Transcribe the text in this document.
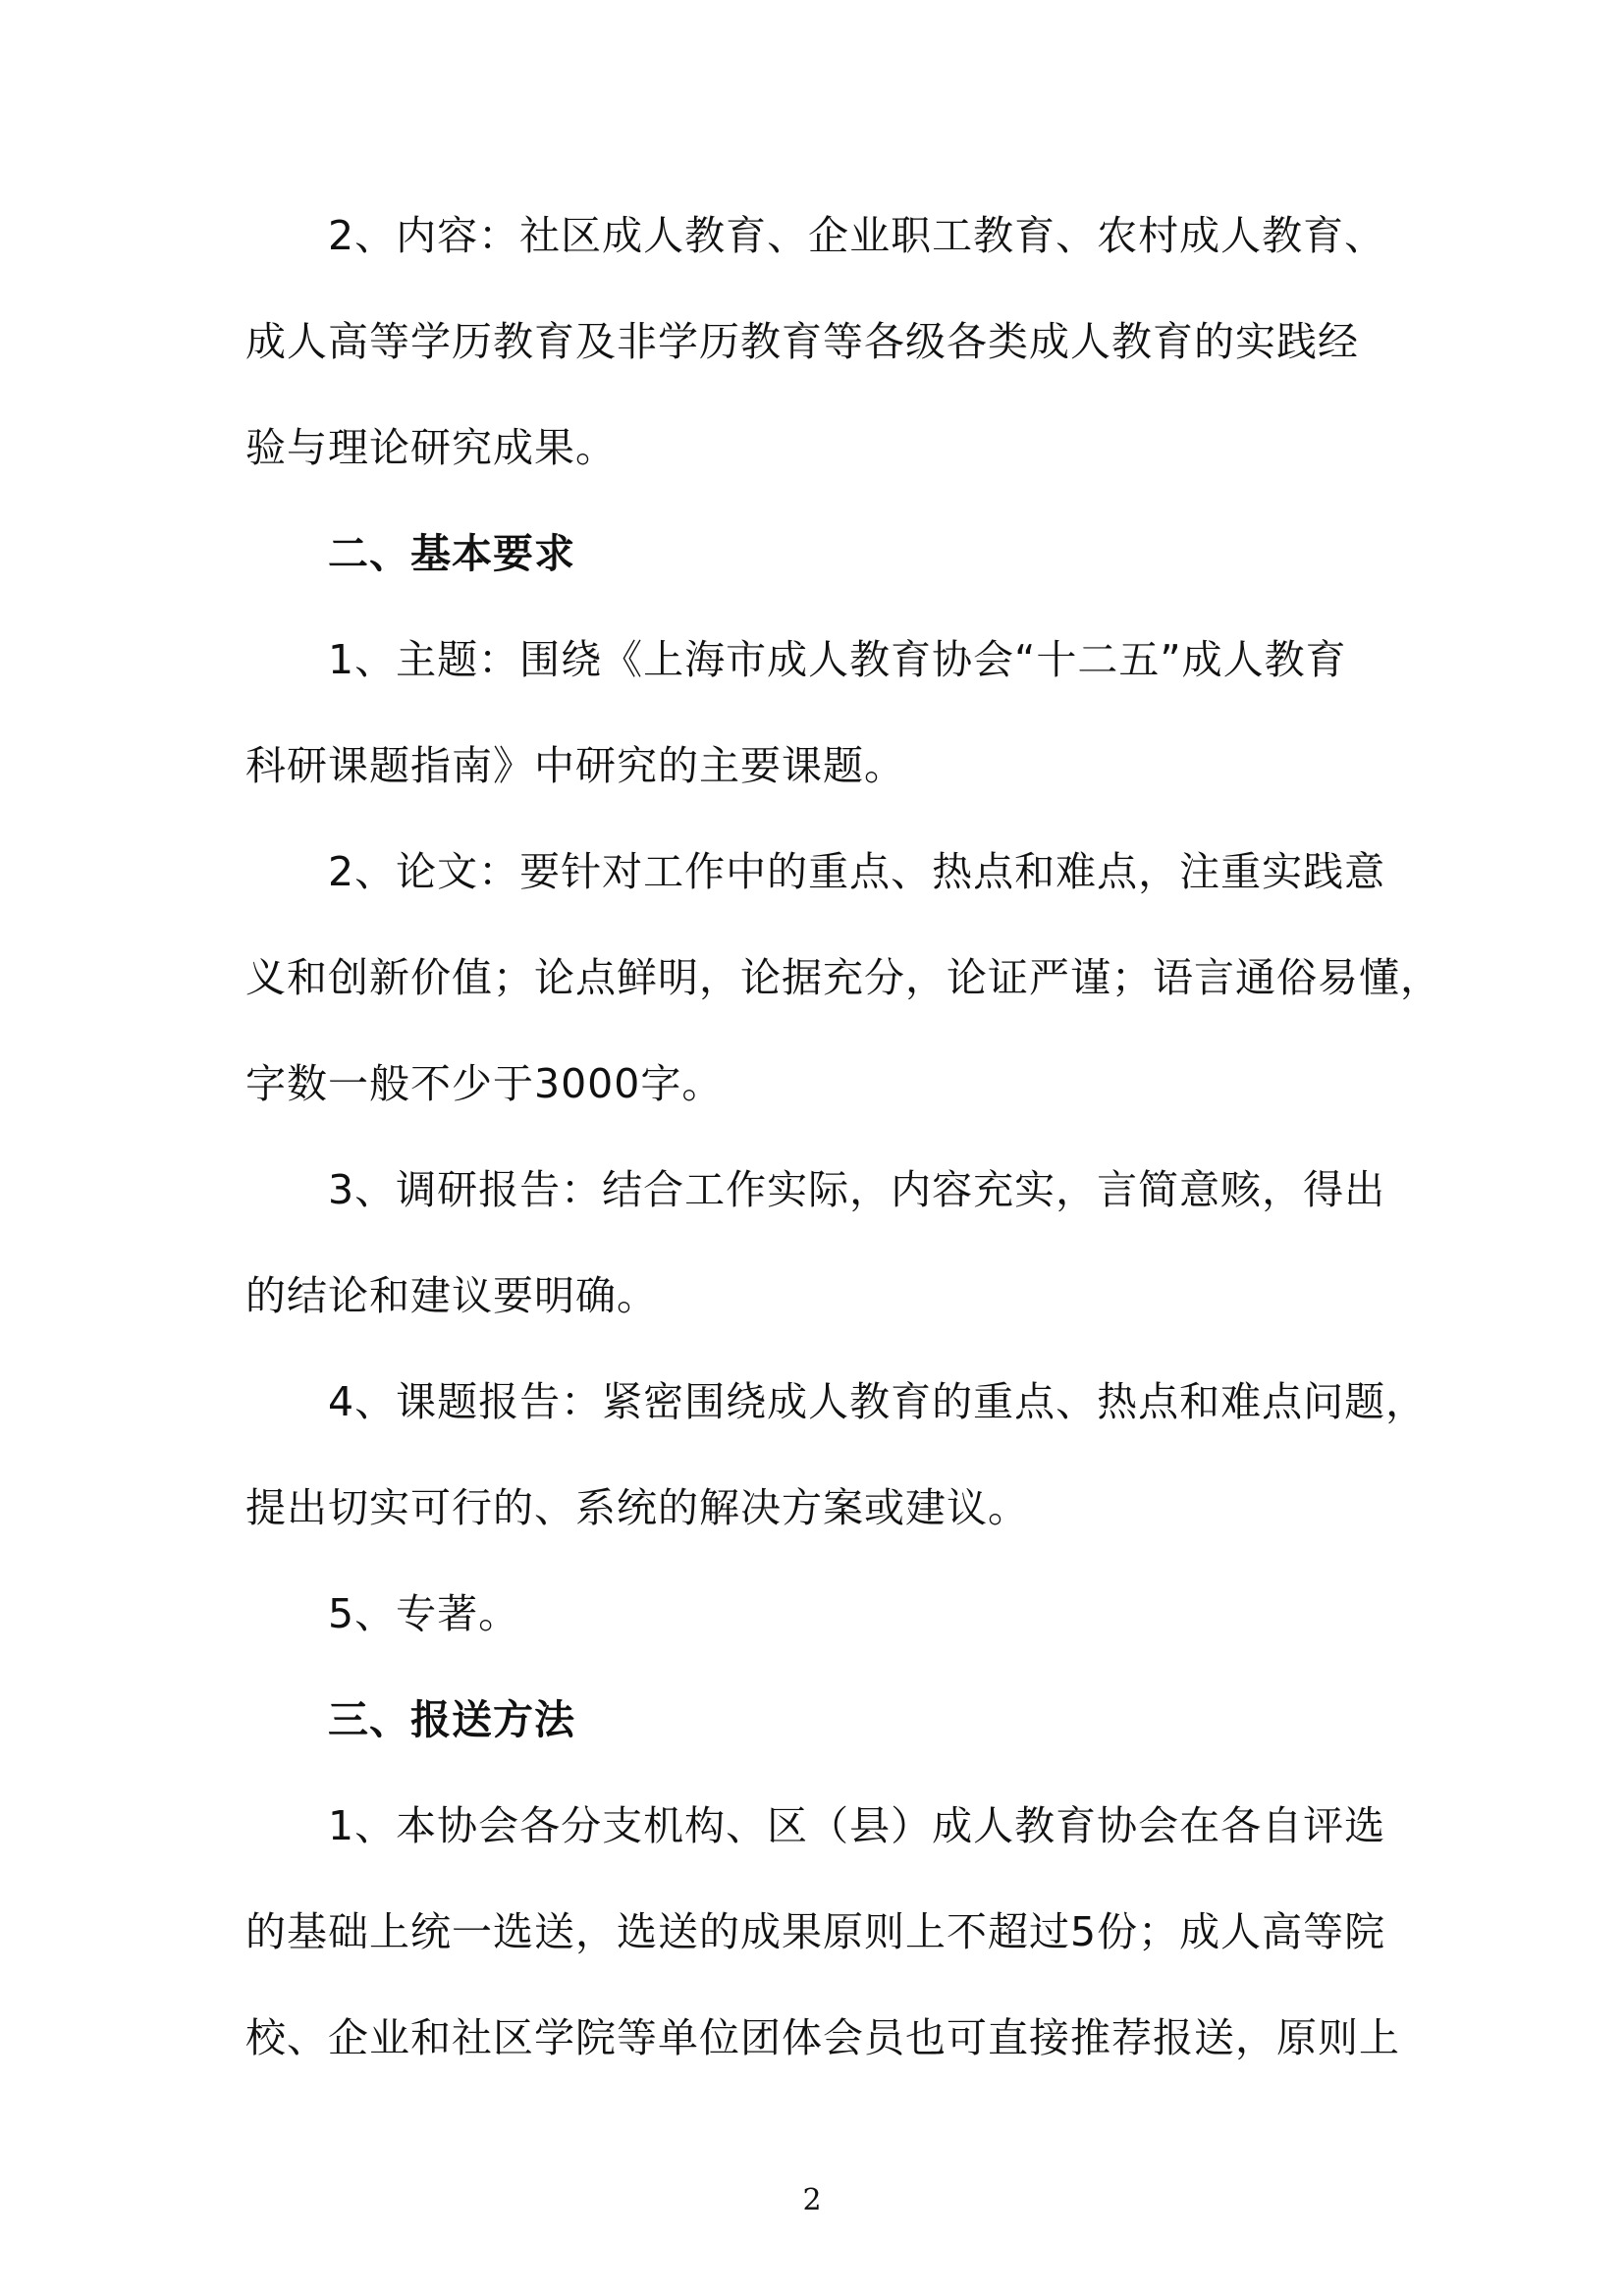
2、内容：社区成人教育、企业职工教育、农村成人教育、
成人高等学历教育及非学历教育等各级各类成人教育的实践经
验与理论研究成果。
二、基本要求
1、主题：围绕《上海市成人教育协会“十二五”成人教育
科研课题指南》中研究的主要课题。
2、论文：要针对工作中的重点、热点和难点，注重实践意
义和创新价值；论点鲜明，论据充分，论证严谨；语言通俗易懂，
字数一般不少于3000字。
3、调研报告：结合工作实际，内容充实，言简意赅，得出
的结论和建议要明确。
4、课题报告：紧密围绕成人教育的重点、热点和难点问题，
提出切实可行的、系统的解决方案或建议。
5、专著。
三、报送方法
1、本协会各分支机构、区（县）成人教育协会在各自评选
的基础上统一选送，选送的成果原则上不超过5份；成人高等院
校、企业和社区学院等单位团体会员也可直接推荐报送，原则上
2
